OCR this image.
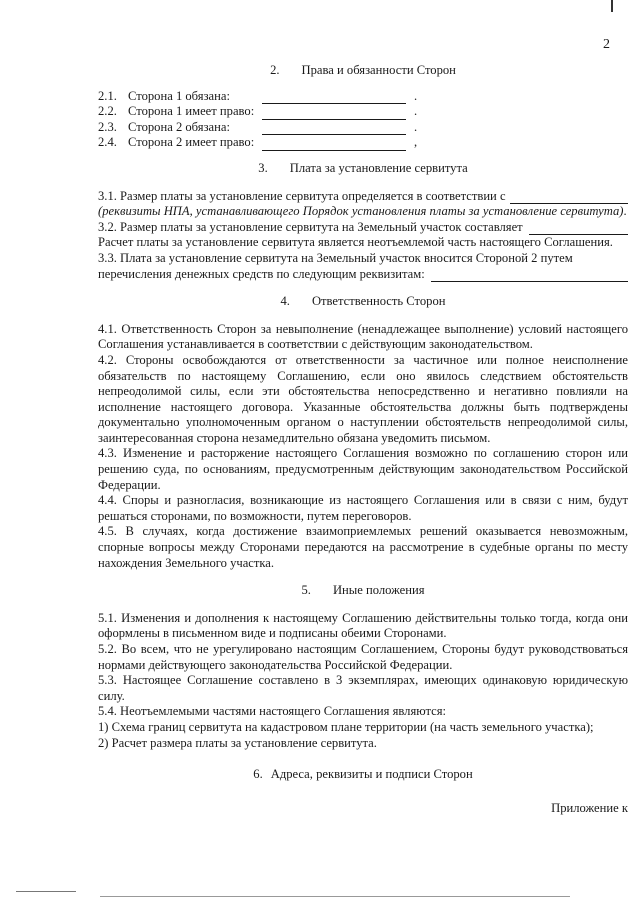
2
2. Права и обязанности Сторон
2.1. Сторона 1 обязана:	.
2.2. Сторона 1 имеет право:	.
2.3. Сторона 2 обязана:	.
2.4. Сторона 2 имеет право:	,
3. Плата за установление сервитута
3.1. Размер платы за установление сервитута определяется в соответствии с

(реквизиты НПА, устанавливающего Порядок установления платы за установление сервитута).

3.2. Размер платы за установление сервитута на Земельный участок составляет

Расчет платы за установление сервитута является неотъемлемой часть настоящего Соглашения.

3.3. Плата за установление сервитута на Земельный участок вносится Стороной 2 путем

перечисления денежных средств по следующим реквизитам:
4. Ответственность Сторон

4.1. Ответственность Сторон за невыполнение (ненадлежащее выполнение) условий настоящего Соглашения устанавливается в соответствии с действующим законодательством.

4.2. Стороны освобождаются от ответственности за частичное или полное неисполнение обязательств по настоящему Соглашению, если оно явилось следствием обстоятельств непреодолимой силы, если эти обстоятельства непосредственно и негативно повлияли на исполнение настоящего договора. Указанные обстоятельства должны быть подтверждены документально уполномоченным органом о наступлении обстоятельств непреодолимой силы, заинтересованная сторона незамедлительно обязана уведомить письмом.

4.3. Изменение и расторжение настоящего Соглашения возможно по соглашению сторон или решению суда, по основаниям, предусмотренным действующим законодательством Российской Федерации.

4.4. Споры и разногласия, возникающие из настоящего Соглашения или в связи с ним, будут решаться сторонами, по возможности, путем переговоров.

4.5. В случаях, когда достижение взаимоприемлемых решений оказывается невозможным, спорные вопросы между Сторонами передаются на рассмотрение в судебные органы по месту нахождения Земельного участка.

5. Иные положения

5.1. Изменения и дополнения к настоящему Соглашению действительны только тогда, когда они оформлены в письменном виде и подписаны обеими Сторонами.

5.2. Во всем, что не урегулировано настоящим Соглашением, Стороны будут руководствоваться нормами действующего законодательства Российской Федерации.

5.3. Настоящее Соглашение составлено в 3 экземплярах, имеющих одинаковую юридическую силу.

5.4. Неотъемлемыми частями настоящего Соглашения являются:

1) Схема границ сервитута на кадастровом плане территории (на часть земельного участка);

2) Расчет размера платы за установление сервитута.

6. Адреса, реквизиты и подписи Сторон
Приложение к
